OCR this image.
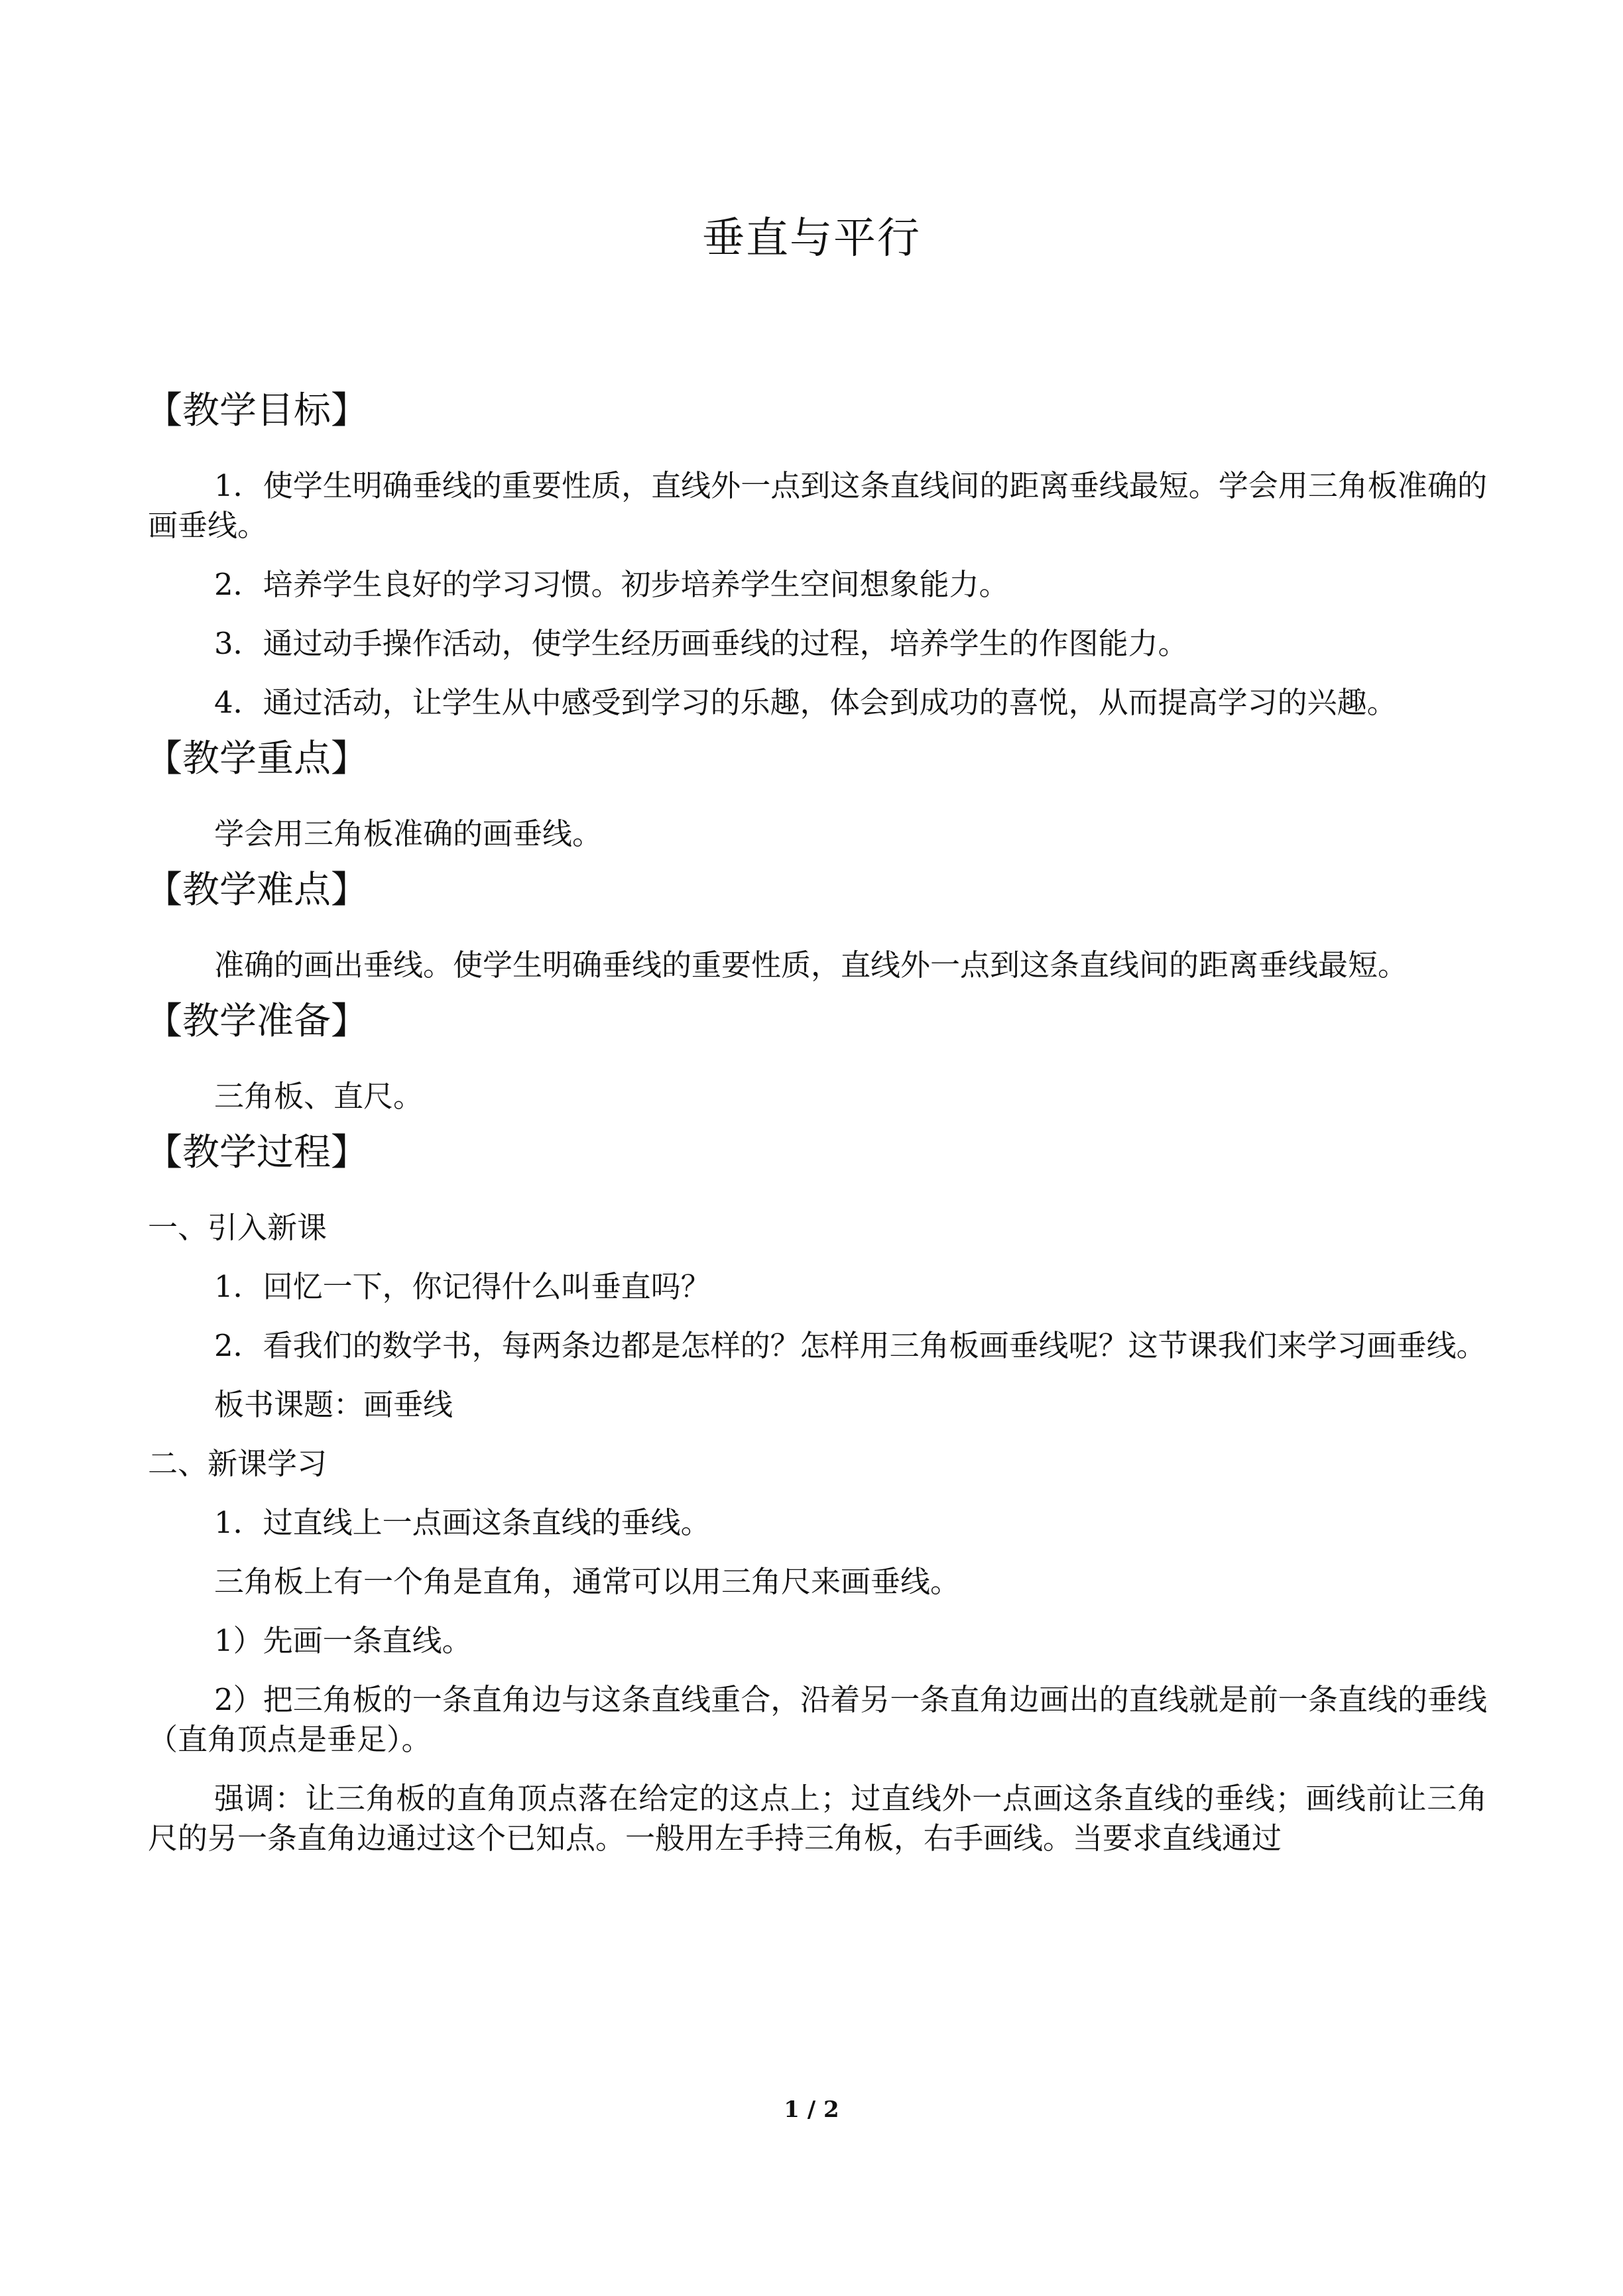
垂直与平行
【教学目标】

1．使学生明确垂线的重要性质，直线外一点到这条直线间的距离垂线最短。学会用三角板准确的画垂线。

2．培养学生良好的学习习惯。初步培养学生空间想象能力。

3．通过动手操作活动，使学生经历画垂线的过程，培养学生的作图能力。

4．通过活动，让学生从中感受到学习的乐趣，体会到成功的喜悦，从而提高学习的兴趣。

【教学重点】

学会用三角板准确的画垂线。

【教学难点】

准确的画出垂线。使学生明确垂线的重要性质，直线外一点到这条直线间的距离垂线最短。

【教学准备】

三角板、直尺。

【教学过程】

一、引入新课

1．回忆一下，你记得什么叫垂直吗？

2．看我们的数学书，每两条边都是怎样的？怎样用三角板画垂线呢？这节课我们来学习画垂线。

板书课题：画垂线

二、新课学习

1．过直线上一点画这条直线的垂线。

三角板上有一个角是直角，通常可以用三角尺来画垂线。

1）先画一条直线。

2）把三角板的一条直角边与这条直线重合，沿着另一条直角边画出的直线就是前一条直线的垂线（直角顶点是垂足）。

强调：让三角板的直角顶点落在给定的这点上；过直线外一点画这条直线的垂线；画线前让三角尺的另一条直角边通过这个已知点。一般用左手持三角板，右手画线。当要求直线通过

1 / 2
